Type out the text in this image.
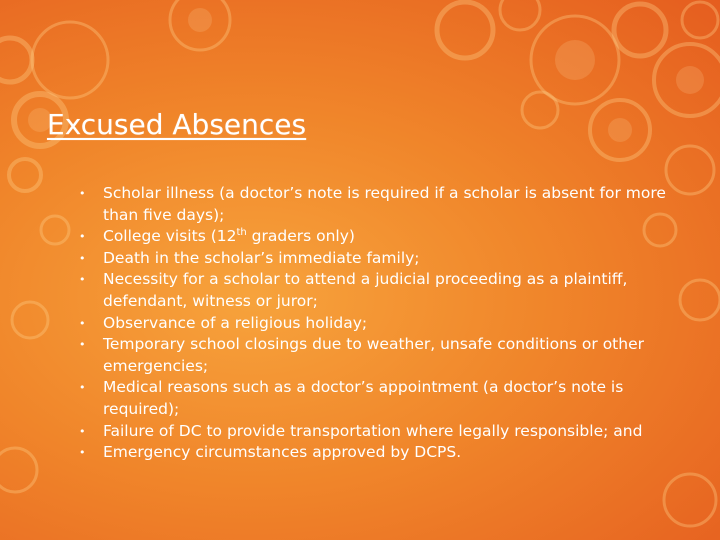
Excused Absences
• Scholar illness (a doctor’s note is required if a scholar is absent for more than five days);
• College visits (12th graders only)
• Death in the scholar’s immediate family;
• Necessity for a scholar to attend a judicial proceeding as a plaintiff, defendant, witness or juror;
• Observance of a religious holiday;
• Temporary school closings due to weather, unsafe conditions or other emergencies;
• Medical reasons such as a doctor’s appointment (a doctor’s note is required);
• Failure of DC to provide transportation where legally responsible; and
• Emergency circumstances approved by DCPS.
